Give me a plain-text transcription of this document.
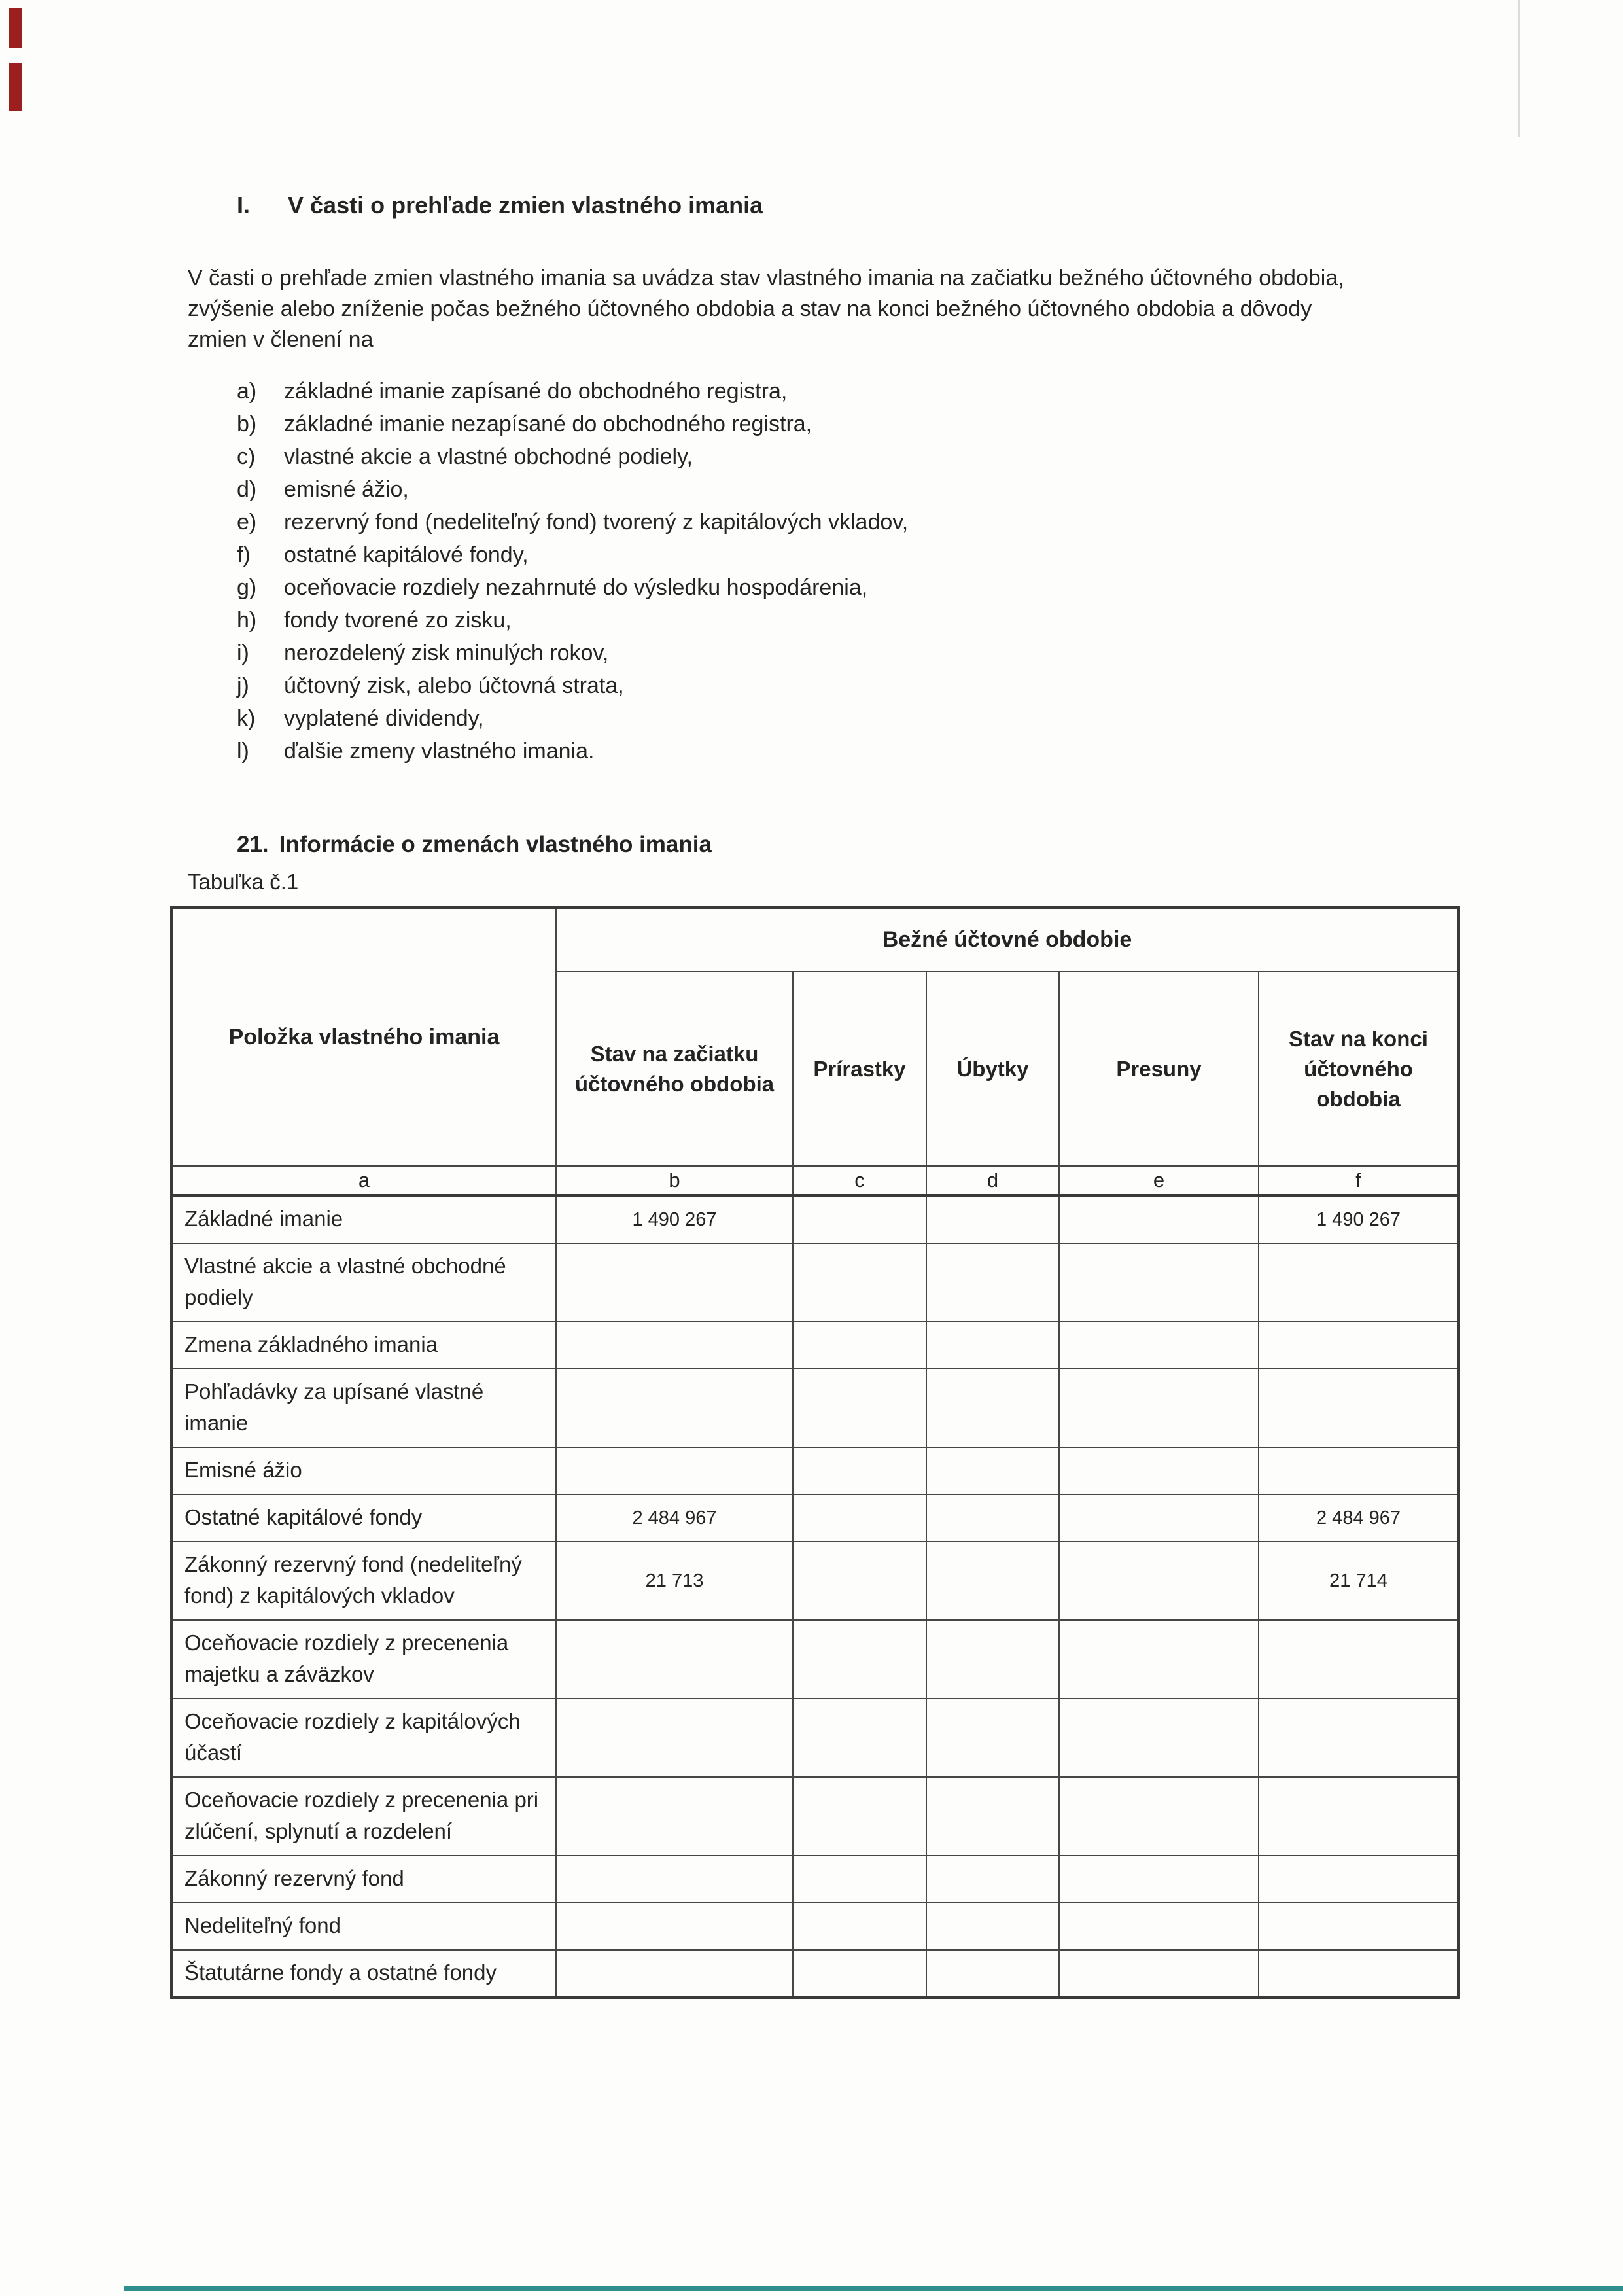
I. V časti o prehľade zmien vlastného imania

V časti o prehľade zmien vlastného imania sa uvádza stav vlastného imania na začiatku bežného účtovného obdobia, zvýšenie alebo zníženie počas bežného účtovného obdobia a stav na konci bežného účtovného obdobia a dôvody zmien v členení na

a)	základné imanie zapísané do obchodného registra,
b)	základné imanie nezapísané do obchodného registra,
c)	vlastné akcie a vlastné obchodné podiely,
d)	emisné ážio,
e)	rezervný fond (nedeliteľný fond) tvorený z kapitálových vkladov,
f)	ostatné kapitálové fondy,
g)	oceňovacie rozdiely nezahrnuté do výsledku hospodárenia,
h)	fondy tvorené zo zisku,
i)	nerozdelený zisk minulých rokov,
j)	účtovný zisk, alebo účtovná strata,
k)	vyplatené dividendy,
l)	ďalšie zmeny vlastného imania.
21. Informácie o zmenách vlastného imania
Tabuľka č.1
Položka vlastného imania	Bežné účtovné obdobie				
	Stav na začiatku účtovného obdobia	Prírastky	Úbytky	Presuny	Stav na konci účtovného obdobia
a	b	c	d	e	f
Základné imanie	1 490 267				1 490 267
Vlastné akcie a vlastné obchodné podiely					
Zmena základného imania					
Pohľadávky za upísané vlastné imanie					
Emisné ážio					
Ostatné kapitálové fondy	2 484 967				2 484 967
Zákonný rezervný fond (nedeliteľný fond) z kapitálových vkladov	21 713				21 714
Oceňovacie rozdiely z precenenia majetku a záväzkov					
Oceňovacie rozdiely z kapitálových účastí					
Oceňovacie rozdiely z precenenia pri zlúčení, splynutí a rozdelení					
Zákonný rezervný fond					
Nedeliteľný fond					
Štatutárne fondy a ostatné fondy					
